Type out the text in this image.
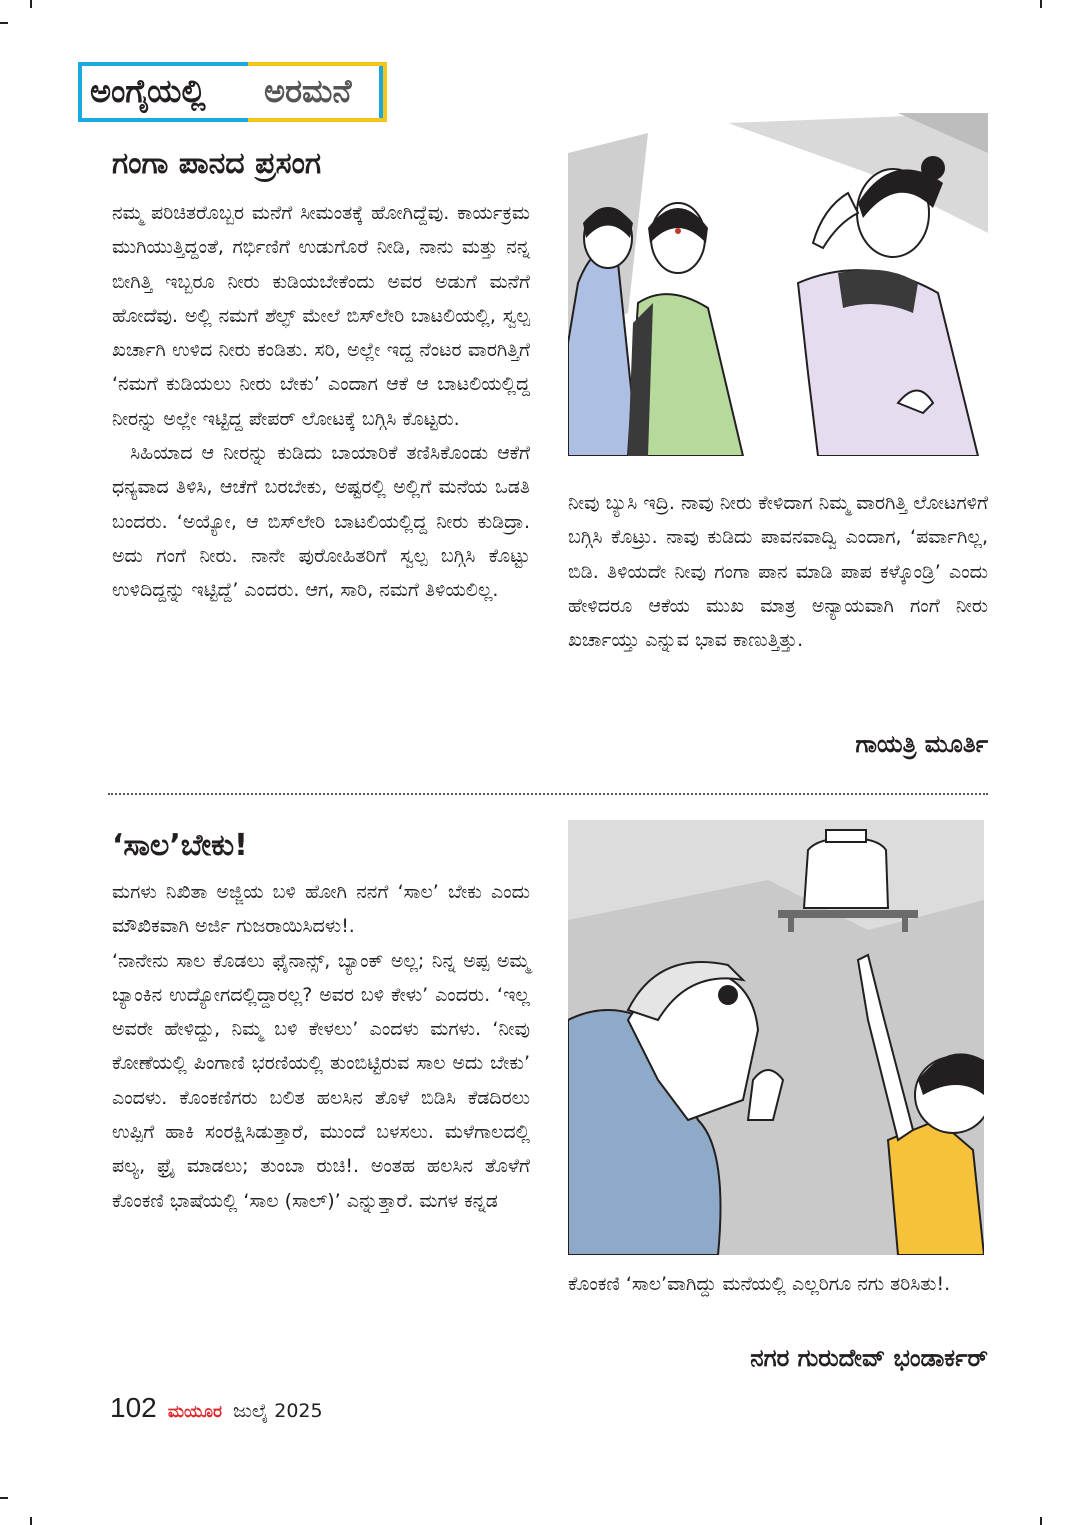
ಅಂಗೈಯಲ್ಲಿ ಅರಮನೆ
ಗಂಗಾ ಪಾನದ ಪ್ರಸಂಗ

ನಮ್ಮ ಪರಿಚಿತರೊಬ್ಬರ ಮನೆಗೆ ಸೀಮಂತಕ್ಕೆ ಹೋಗಿದ್ದೆವು. ಕಾರ್ಯಕ್ರಮ ಮುಗಿಯುತ್ತಿದ್ದಂತೆ, ಗರ್ಭಿಣಿಗೆ ಉಡುಗೊರೆ ನೀಡಿ, ನಾನು ಮತ್ತು ನನ್ನ ಬೀಗಿತ್ತಿ ಇಬ್ಬರೂ ನೀರು ಕುಡಿಯಬೇಕೆಂದು ಅವರ ಅಡುಗೆ ಮನೆಗೆ ಹೋದೆವು. ಅಲ್ಲಿ ನಮಗೆ ಶೆಲ್ಫ್ ಮೇಲೆ ಬಿಸ್‌ಲೇರಿ ಬಾಟಲಿಯಲ್ಲಿ, ಸ್ವಲ್ಪ ಖರ್ಚಾಗಿ ಉಳಿದ ನೀರು ಕಂಡಿತು. ಸರಿ, ಅಲ್ಲೇ ಇದ್ದ ನೆಂಟರ ವಾರಗಿತ್ತಿಗೆ ‘ನಮಗೆ ಕುಡಿಯಲು ನೀರು ಬೇಕು’ ಎಂದಾಗ ಆಕೆ ಆ ಬಾಟಲಿಯಲ್ಲಿದ್ದ ನೀರನ್ನು ಅಲ್ಲೇ ಇಟ್ಟಿದ್ದ ಪೇಪರ್ ಲೋಟಕ್ಕೆ ಬಗ್ಗಿಸಿ ಕೊಟ್ಟರು.

ಸಿಹಿಯಾದ ಆ ನೀರನ್ನು ಕುಡಿದು ಬಾಯಾರಿಕೆ ತಣಿಸಿಕೊಂಡು ಆಕೆಗೆ ಧನ್ಯವಾದ ತಿಳಿಸಿ, ಆಚೆಗೆ ಬರಬೇಕು, ಅಷ್ಟರಲ್ಲಿ ಅಲ್ಲಿಗೆ ಮನೆಯ ಒಡತಿ ಬಂದರು. ‘ಅಯ್ಯೋ, ಆ ಬಿಸ್‌ಲೇರಿ ಬಾಟಲಿಯಲ್ಲಿದ್ದ ನೀರು ಕುಡಿದ್ರಾ. ಅದು ಗಂಗೆ ನೀರು. ನಾನೇ ಪುರೋಹಿತರಿಗೆ ಸ್ವಲ್ಪ ಬಗ್ಗಿಸಿ ಕೊಟ್ಟು ಉಳಿದಿದ್ದನ್ನು ಇಟ್ಟಿದ್ದೆ’ ಎಂದರು. ಆಗ, ಸಾರಿ, ನಮಗೆ ತಿಳಿಯಲಿಲ್ಲ.

ನೀವು ಬ್ಯುಸಿ ಇದ್ರಿ. ನಾವು ನೀರು ಕೇಳಿದಾಗ ನಿಮ್ಮ ವಾರಗಿತ್ತಿ ಲೋಟಗಳಿಗೆ ಬಗ್ಗಿಸಿ ಕೊಟ್ರು. ನಾವು ಕುಡಿದು ಪಾವನವಾದ್ವಿ ಎಂದಾಗ, ‘ಪರ್ವಾಗಿಲ್ಲ, ಬಿಡಿ. ತಿಳಿಯದೇ ನೀವು ಗಂಗಾ ಪಾನ ಮಾಡಿ ಪಾಪ ಕಳ್ಕೊಂಡ್ರಿ’ ಎಂದು ಹೇಳಿದರೂ ಆಕೆಯ ಮುಖ ಮಾತ್ರ ಅನ್ಯಾಯವಾಗಿ ಗಂಗೆ ನೀರು ಖರ್ಚಾಯ್ತು ಎನ್ನುವ ಭಾವ ಕಾಣುತ್ತಿತ್ತು.

ಗಾಯತ್ರಿ ಮೂರ್ತಿ
‘ಸಾಲ’ಬೇಕು!

ಮಗಳು ನಿಖಿತಾ ಅಜ್ಜಿಯ ಬಳಿ ಹೋಗಿ ನನಗೆ ‘ಸಾಲ’ ಬೇಕು ಎಂದು ಮೌಖಿಕವಾಗಿ ಅರ್ಜಿ ಗುಜರಾಯಿಸಿದಳು!.

‘ನಾನೇನು ಸಾಲ ಕೊಡಲು ಫೈನಾನ್ಸ್, ಬ್ಯಾಂಕ್ ಅಲ್ಲ; ನಿನ್ನ ಅಪ್ಪ ಅಮ್ಮ ಬ್ಯಾಂಕಿನ ಉದ್ಯೋಗದಲ್ಲಿದ್ದಾರಲ್ಲ? ಅವರ ಬಳಿ ಕೇಳು’ ಎಂದರು. ‘ಇಲ್ಲ ಅವರೇ ಹೇಳಿದ್ದು, ನಿಮ್ಮ ಬಳಿ ಕೇಳಲು’ ಎಂದಳು ಮಗಳು. ‘ನೀವು ಕೋಣೆಯಲ್ಲಿ ಪಿಂಗಾಣಿ ಭರಣಿಯಲ್ಲಿ ತುಂಬಿಟ್ಟಿರುವ ಸಾಲ ಅದು ಬೇಕು’ ಎಂದಳು. ಕೊಂಕಣಿಗರು ಬಲಿತ ಹಲಸಿನ ತೊಳೆ ಬಿಡಿಸಿ ಕೆಡದಿರಲು ಉಪ್ಪಿಗೆ ಹಾಕಿ ಸಂರಕ್ಷಿಸಿಡುತ್ತಾರೆ, ಮುಂದೆ ಬಳಸಲು. ಮಳೆಗಾಲದಲ್ಲಿ ಪಲ್ಯ, ಫ್ರೈ ಮಾಡಲು; ತುಂಬಾ ರುಚಿ!. ಅಂತಹ ಹಲಸಿನ ತೊಳೆಗೆ ಕೊಂಕಣಿ ಭಾಷೆಯಲ್ಲಿ ‘ಸಾಲ (ಸಾಲ್)’ ಎನ್ನುತ್ತಾರೆ. ಮಗಳ ಕನ್ನಡ

ಕೊಂಕಣಿ ‘ಸಾಲ’ವಾಗಿದ್ದು ಮನೆಯಲ್ಲಿ ಎಲ್ಲರಿಗೂ ನಗು ತರಿಸಿತು!.

ನಗರ ಗುರುದೇವ್ ಭಂಡಾರ್ಕರ್
102 ಮಯೂರ ಜುಲೈ 2025
